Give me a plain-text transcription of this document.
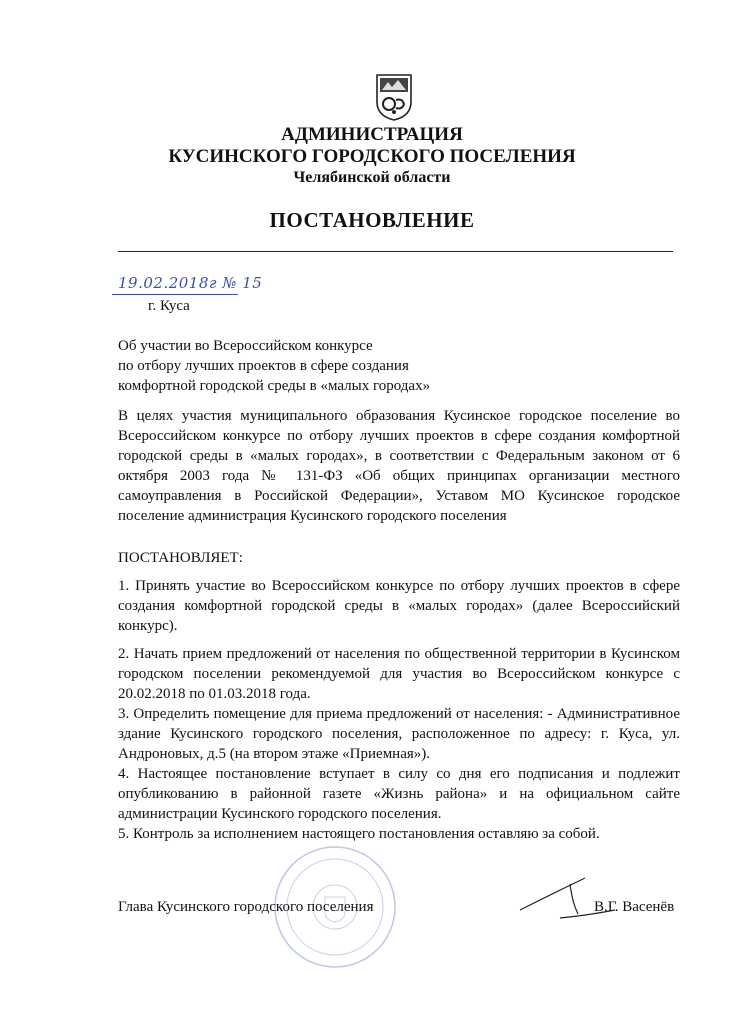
АДМИНИСТРАЦИЯ
КУСИНСКОГО ГОРОДСКОГО ПОСЕЛЕНИЯ
Челябинской области
ПОСТАНОВЛЕНИЕ
19.02.2018г № 15
г. Куса
Об участии во Всероссийском конкурсе
по отбору лучших проектов в сфере создания
комфортной городской среды в «малых городах»
В целях участия муниципального образования Кусинское городское поселение во Всероссийском конкурсе по отбору лучших проектов в сфере создания комфортной городской среды в «малых городах», в соответствии с Федеральным законом от 6 октября 2003 года № 131-ФЗ «Об общих принципах организации местного самоуправления в Российской Федерации», Уставом МО Кусинское городское поселение администрация Кусинского городского поселения
ПОСТАНОВЛЯЕТ:
1. Принять участие во Всероссийском конкурсе по отбору лучших проектов в сфере создания комфортной городской среды в «малых городах» (далее Всероссийский конкурс).
2. Начать прием предложений от населения по общественной территории в Кусинском городском поселении рекомендуемой для участия во Всероссийском конкурсе с 20.02.2018 по 01.03.2018 года.
3. Определить помещение для приема предложений от населения: - Административное здание Кусинского городского поселения, расположенное по адресу: г. Куса, ул. Андроновых, д.5 (на втором этаже «Приемная»).
4. Настоящее постановление вступает в силу со дня его подписания и подлежит опубликованию в районной газете «Жизнь района» и на официальном сайте администрации Кусинского городского поселения.
5. Контроль за исполнением настоящего постановления оставляю за собой.
Глава Кусинского городского поселения	В.Г. Васенёв
